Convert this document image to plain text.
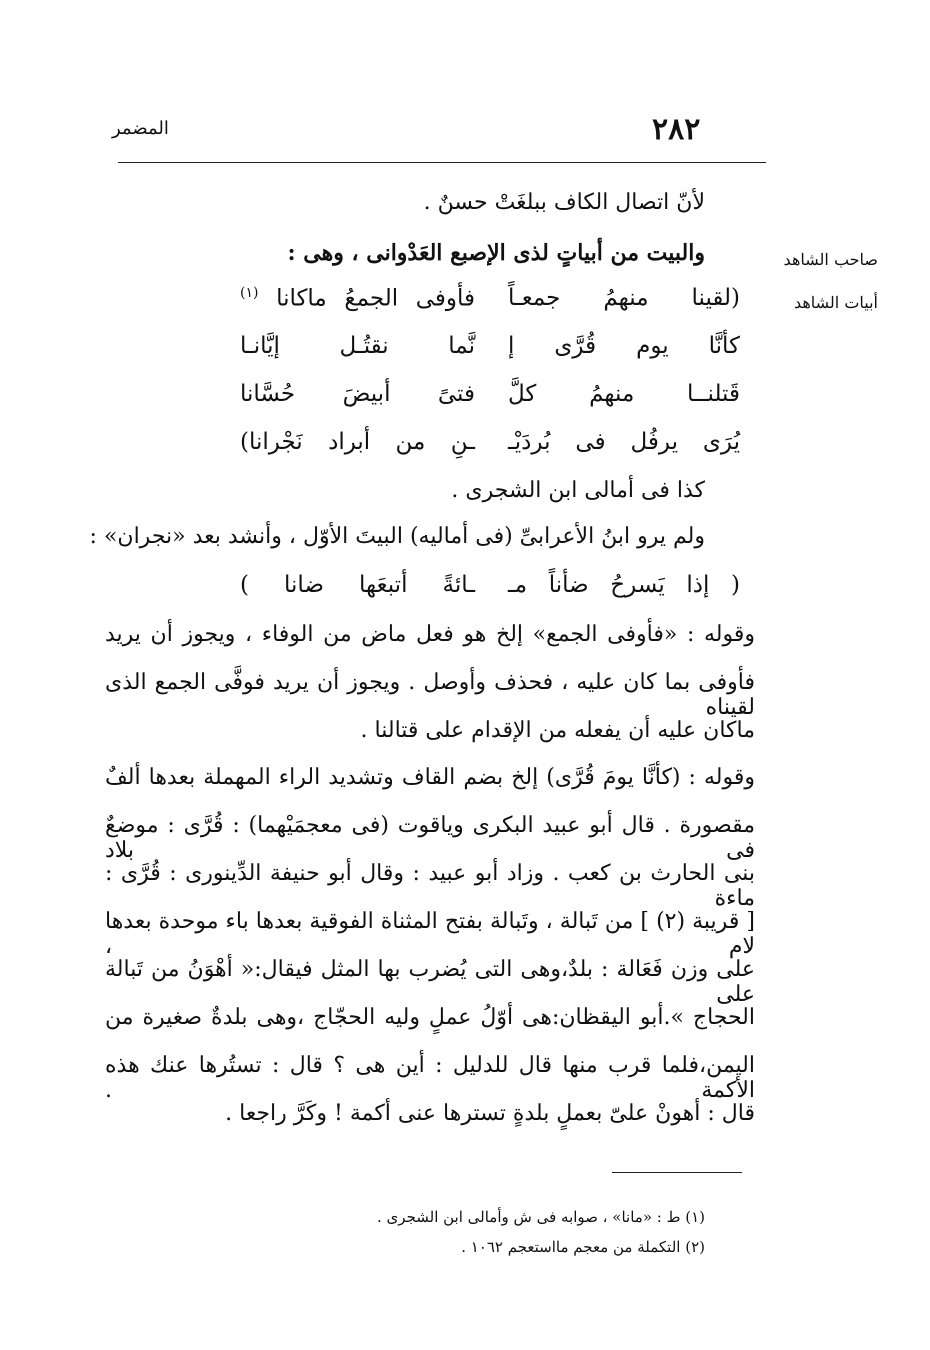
٢٨٢
المضمر
صاحب الشاهد
أبيات الشاهد
لأنّ اتصال الكاف ببلغَتْ حسنٌ .
والبيت من أبياتٍ لذى الإصبع العَدْوانى ، وهى :
(لقينا منهمُ جمعـاً
فأوفى الجمعُ ماكانا $^{(١)}$
كأنَّا يوم قُرَّى إ
نَّما نقتُـل إيَّانـا
قَتلنــا منهمُ كلَّ
فتىً أبيضَ حُسَّانا
يُرَى يرفُل فى بُردَيْـ
ـنِ من أبراد نَجْرانا)
كذا فى أمالى ابن الشجرى .
ولم يرو ابنُ الأعرابىِّ (فى أماليه) البيتَ الأوّل ، وأنشد بعد «نجران» :
( إذا يَسرحُ ضأناً مـ
ـائةً أتبعَها ضانا )
وقوله : «فأوفى الجمع» إلخ هو فعل ماض من الوفاء ، ويجوز أن يريد
فأوفى بما كان عليه ، فحذف وأوصل . ويجوز أن يريد فوفَّى الجمع الذى لقيناه
ماكان عليه أن يفعله من الإقدام على قتالنا .
وقوله : (كأنَّا يومَ قُرَّى) إلخ بضم القاف وتشديد الراء المهملة بعدها ألفٌ
مقصورة . قال أبو عبيد البكرى وياقوت (فى معجمَيْهما) : قُرَّى : موضعٌ فى بلاد
بنى الحارث بن كعب . وزاد أبو عبيد : وقال أبو حنيفة الدِّينورى : قُرَّى : ماءة
[ قريبة (٢) ] من تَبالة ، وتَبالة بفتح المثناة الفوقية بعدها باء موحدة بعدها لام ،
على وزن فَعَالة : بلدٌ،وهى التى يُضرب بها المثل فيقال:« أهْوَنُ من تَبالة على
الحجاج ».أبو اليقظان:هى أوّلُ عملٍ وليه الحجّاج ،وهى بلدةٌ صغيرة من
اليمن،فلما قرب منها قال للدليل : أين هى ؟ قال : تستُرها عنك هذه الأكمة .
قال : أهونْ علىّ بعملٍ بلدةٍ تسترها عنى أكمة ! وكَرَّ راجعا .
(١) ط : «مانا» ، صوابه فى ش وأمالى ابن الشجرى .
(٢) التكملة من معجم مااستعجم ١٠٦٢ .
